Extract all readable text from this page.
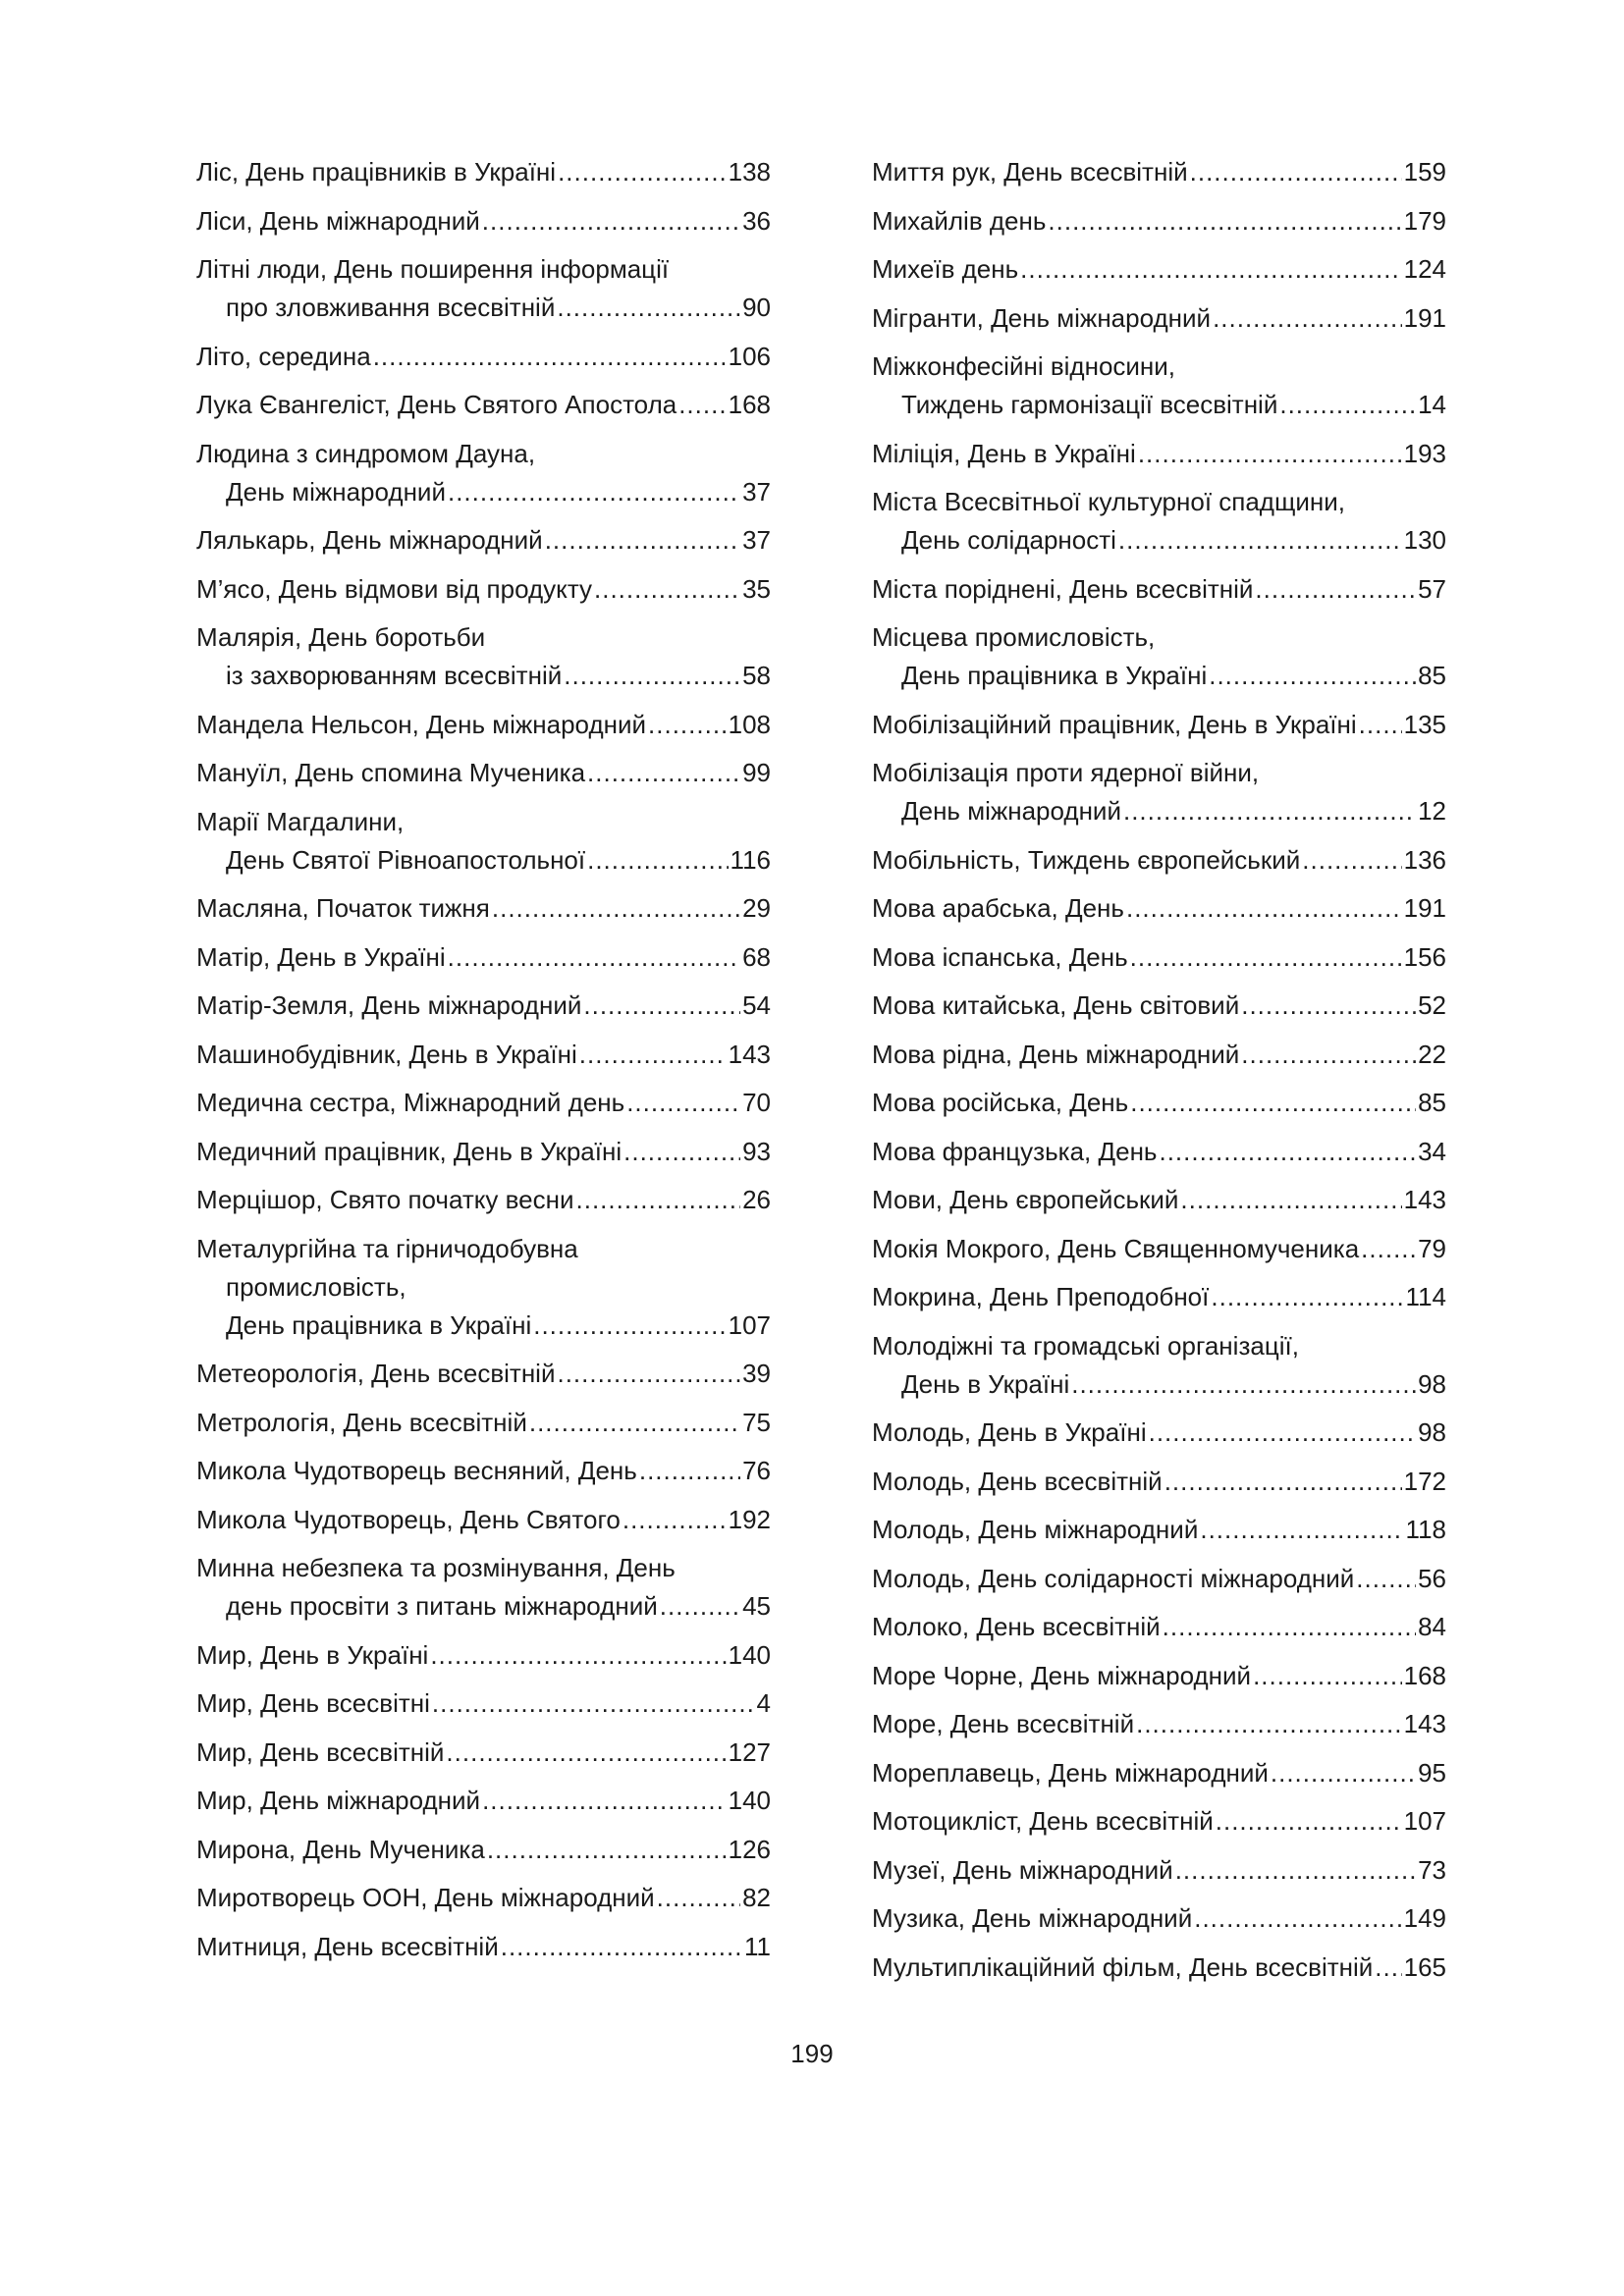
Ліс, День працівників в Україні .....	138
Ліси, День міжнародний .....	36
Літні люди, День поширення інформації
про зловживання всесвітній .....	90
Літо, середина .....	106
Лука Євангеліст, День Святого Апостола ..... 168
Людина з синдромом Дауна,
День міжнародний .....	37
Лялькарь, День міжнародний .....	37
М’ясо, День відмови від продукту .....	35
Малярія, День боротьби
із захворюванням всесвітній .....	58
Мандела Нельсон, День міжнародний .....	108
Мануїл, День спомина Мученика .....	99
Марії Магдалини,
День Святої Рівноапостольної .....	116
Масляна, Початок тижня .....	29
Матір, День в Україні .....	68
Матір-Земля, День міжнародний .....	54
Машинобудівник, День в Україні .....	143
Медична сестра, Міжнародний день .....	70
Медичний працівник, День в Україні .....	93
Мерцішор, Свято початку весни .....	26
Металургійна та гірничодобувна
промисловість,
День працівника в Україні .....	107
Метеорологія, День всесвітній .....	39
Метрологія, День всесвітній .....	75
Микола Чудотворець весняний, День .....	76
Микола Чудотворець, День Святого .....	192
Минна небезпека та розмінування, День
день просвіти з питань міжнародний .....	45
Мир, День в Україні .....	140
Мир, День всесвітні .....	4
Мир, День всесвітній .....	127
Мир, День міжнародний .....	140
Мирона, День Мученика .....	126
Миротворець ООН, День міжнародний .....	82
Митниця, День всесвітній .....	11
Миття рук, День всесвітній .....	159
Михайлів день .....	179
Михеїв день .....	124
Мігранти, День міжнародний .....	191
Міжконфесійні відносини,
Тиждень гармонізації всесвітній .....	14
Міліція, День в Україні .....	193
Міста Всесвітньої культурної спадщини,
День солідарності .....	130
Міста поріднені, День всесвітній .....	57
Місцева промисловість,
День працівника в Україні .....	85
Мобілізаційний працівник, День в Україні ..... 135
Мобілізація проти ядерної війни,
День міжнародний .....	12
Мобільність, Тиждень європейський .....	136
Мова арабська, День .....	191
Мова іспанська, День .....	156
Мова китайська, День світовий .....	52
Мова рідна, День міжнародний .....	22
Мова російська, День .....	85
Мова французька, День .....	34
Мови, День європейський .....	143
Мокія Мокрого, День Священномученика ..... 79
Мокрина, День Преподобної .....	114
Молодіжні та громадські організації,
День в Україні .....	98
Молодь, День в Україні .....	98
Молодь, День всесвітній .....	172
Молодь, День міжнародний .....	118
Молодь, День солідарності міжнародний ..... 56
Молоко, День всесвітній .....	84
Море Чорне, День міжнародний .....	168
Море, День всесвітній .....	143
Мореплавець, День міжнародний .....	95
Мотоцикліст, День всесвітній .....	107
Музеї, День міжнародний .....	73
Музика, День міжнародний .....	149
Мультиплікаційний фільм, День всесвітній ..... 165
199
